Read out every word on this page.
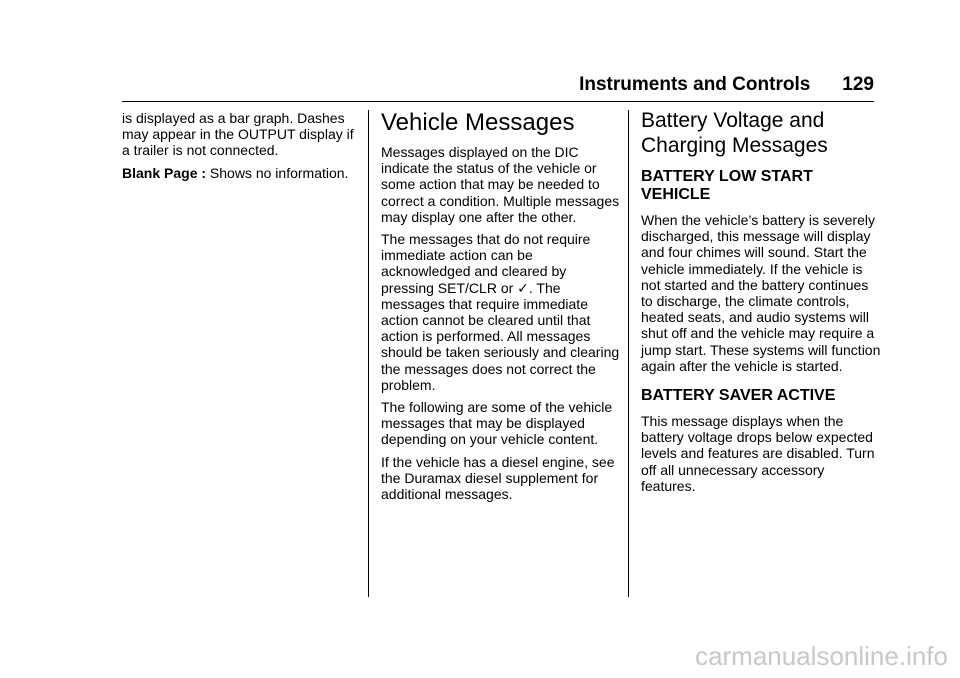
Instruments and Controls 129

is displayed as a bar graph. Dashes may appear in the OUTPUT display if a trailer is not connected.

Blank Page : Shows no information.

Vehicle Messages

Messages displayed on the DIC indicate the status of the vehicle or some action that may be needed to correct a condition. Multiple messages may display one after the other.

The messages that do not require immediate action can be acknowledged and cleared by pressing SET/CLR or ✓. The messages that require immediate action cannot be cleared until that action is performed. All messages should be taken seriously and clearing the messages does not correct the problem.

The following are some of the vehicle messages that may be displayed depending on your vehicle content.

If the vehicle has a diesel engine, see the Duramax diesel supplement for additional messages.

Battery Voltage and Charging Messages
BATTERY LOW START VEHICLE

When the vehicle’s battery is severely discharged, this message will display and four chimes will sound. Start the vehicle immediately. If the vehicle is not started and the battery continues to discharge, the climate controls, heated seats, and audio systems will shut off and the vehicle may require a jump start. These systems will function again after the vehicle is started.

BATTERY SAVER ACTIVE

This message displays when the battery voltage drops below expected levels and features are disabled. Turn off all unnecessary accessory features.

carmanualsonline.info
